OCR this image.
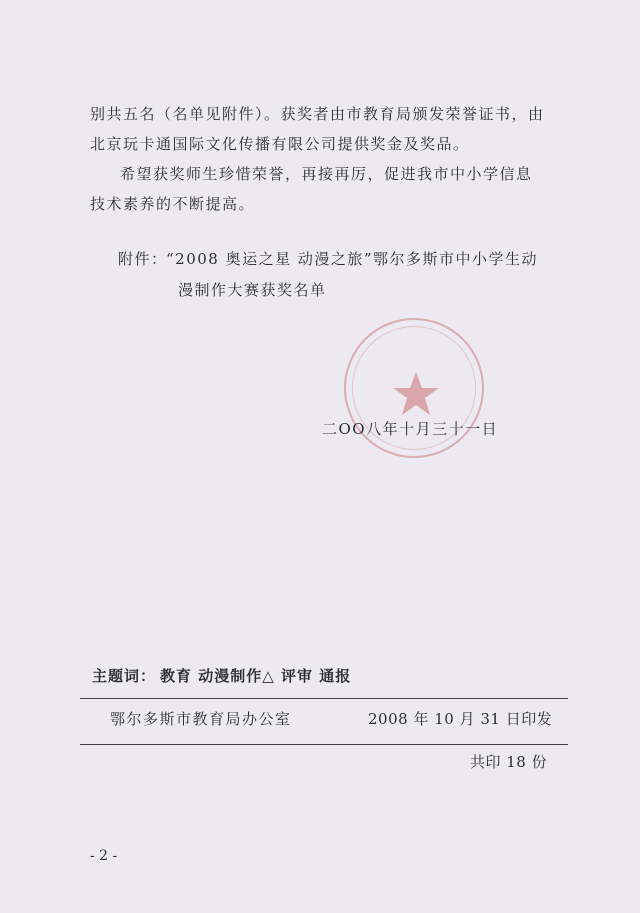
别共五名（名单见附件）。获奖者由市教育局颁发荣誉证书，由
北京玩卡通国际文化传播有限公司提供奖金及奖品。
希望获奖师生珍惜荣誉，再接再厉，促进我市中小学信息
技术素养的不断提高。
附件：
“2008 奥运之星 动漫之旅”鄂尔多斯市中小学生动
漫制作大赛获奖名单
二OO八年十月三十一日
主题词： 教育 动漫制作△ 评审 通报
鄂尔多斯市教育局办公室	2008 年 10 月 31 日印发
共印 18 份
- 2 -
